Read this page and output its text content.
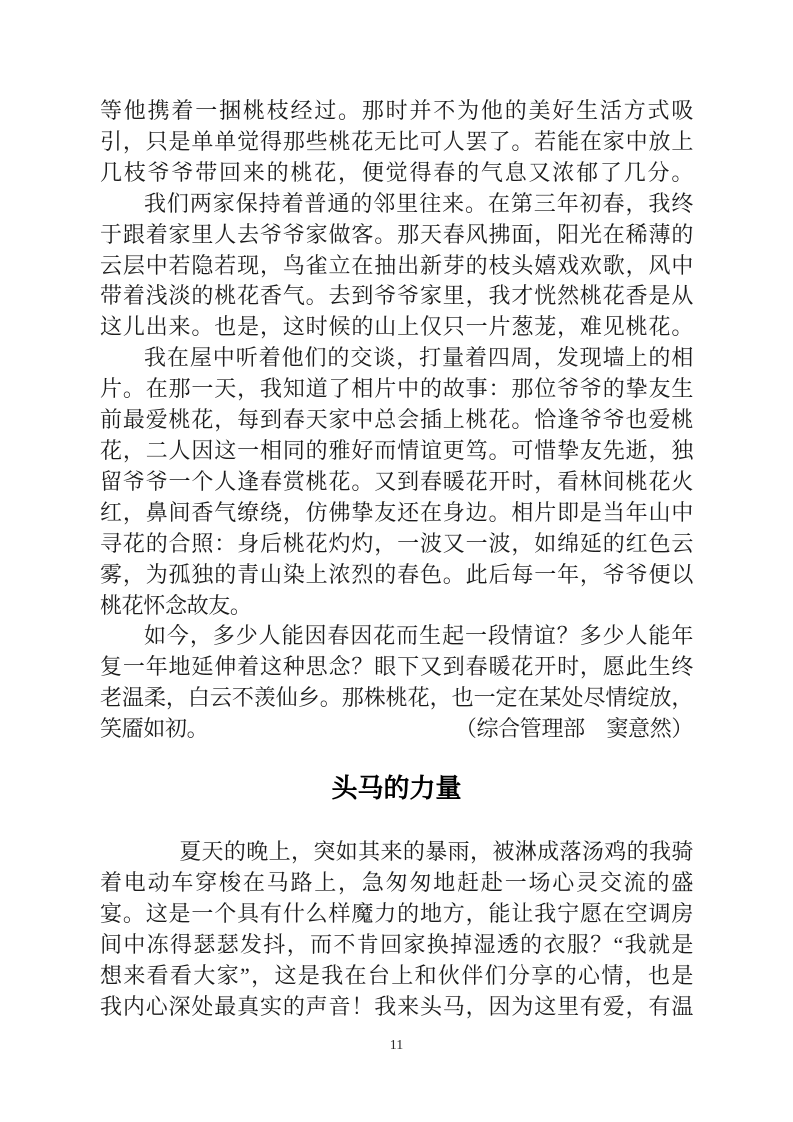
等他携着一捆桃枝经过。那时并不为他的美好生活方式吸
引，只是单单觉得那些桃花无比可人罢了。若能在家中放上
几枝爷爷带回来的桃花，便觉得春的气息又浓郁了几分。
我们两家保持着普通的邻里往来。在第三年初春，我终
于跟着家里人去爷爷家做客。那天春风拂面，阳光在稀薄的
云层中若隐若现，鸟雀立在抽出新芽的枝头嬉戏欢歌，风中
带着浅淡的桃花香气。去到爷爷家里，我才恍然桃花香是从
这儿出来。也是，这时候的山上仅只一片葱茏，难见桃花。
我在屋中听着他们的交谈，打量着四周，发现墙上的相
片。在那一天，我知道了相片中的故事：那位爷爷的挚友生
前最爱桃花，每到春天家中总会插上桃花。恰逢爷爷也爱桃
花，二人因这一相同的雅好而情谊更笃。可惜挚友先逝，独
留爷爷一个人逢春赏桃花。又到春暖花开时，看林间桃花火
红，鼻间香气缭绕，仿佛挚友还在身边。相片即是当年山中
寻花的合照：身后桃花灼灼，一波又一波，如绵延的红色云
雾，为孤独的青山染上浓烈的春色。此后每一年，爷爷便以
桃花怀念故友。
如今，多少人能因春因花而生起一段情谊？多少人能年
复一年地延伸着这种思念？眼下又到春暖花开时，愿此生终
老温柔，白云不羡仙乡。那株桃花，也一定在某处尽情绽放，
笑靥如初。	（综合管理部　窦意然）
头马的力量
夏天的晚上，突如其来的暴雨，被淋成落汤鸡的我骑
着电动车穿梭在马路上，急匆匆地赶赴一场心灵交流的盛
宴。这是一个具有什么样魔力的地方，能让我宁愿在空调房
间中冻得瑟瑟发抖，而不肯回家换掉湿透的衣服？“我就是
想来看看大家”，这是我在台上和伙伴们分享的心情，也是
我内心深处最真实的声音！我来头马，因为这里有爱，有温
11
